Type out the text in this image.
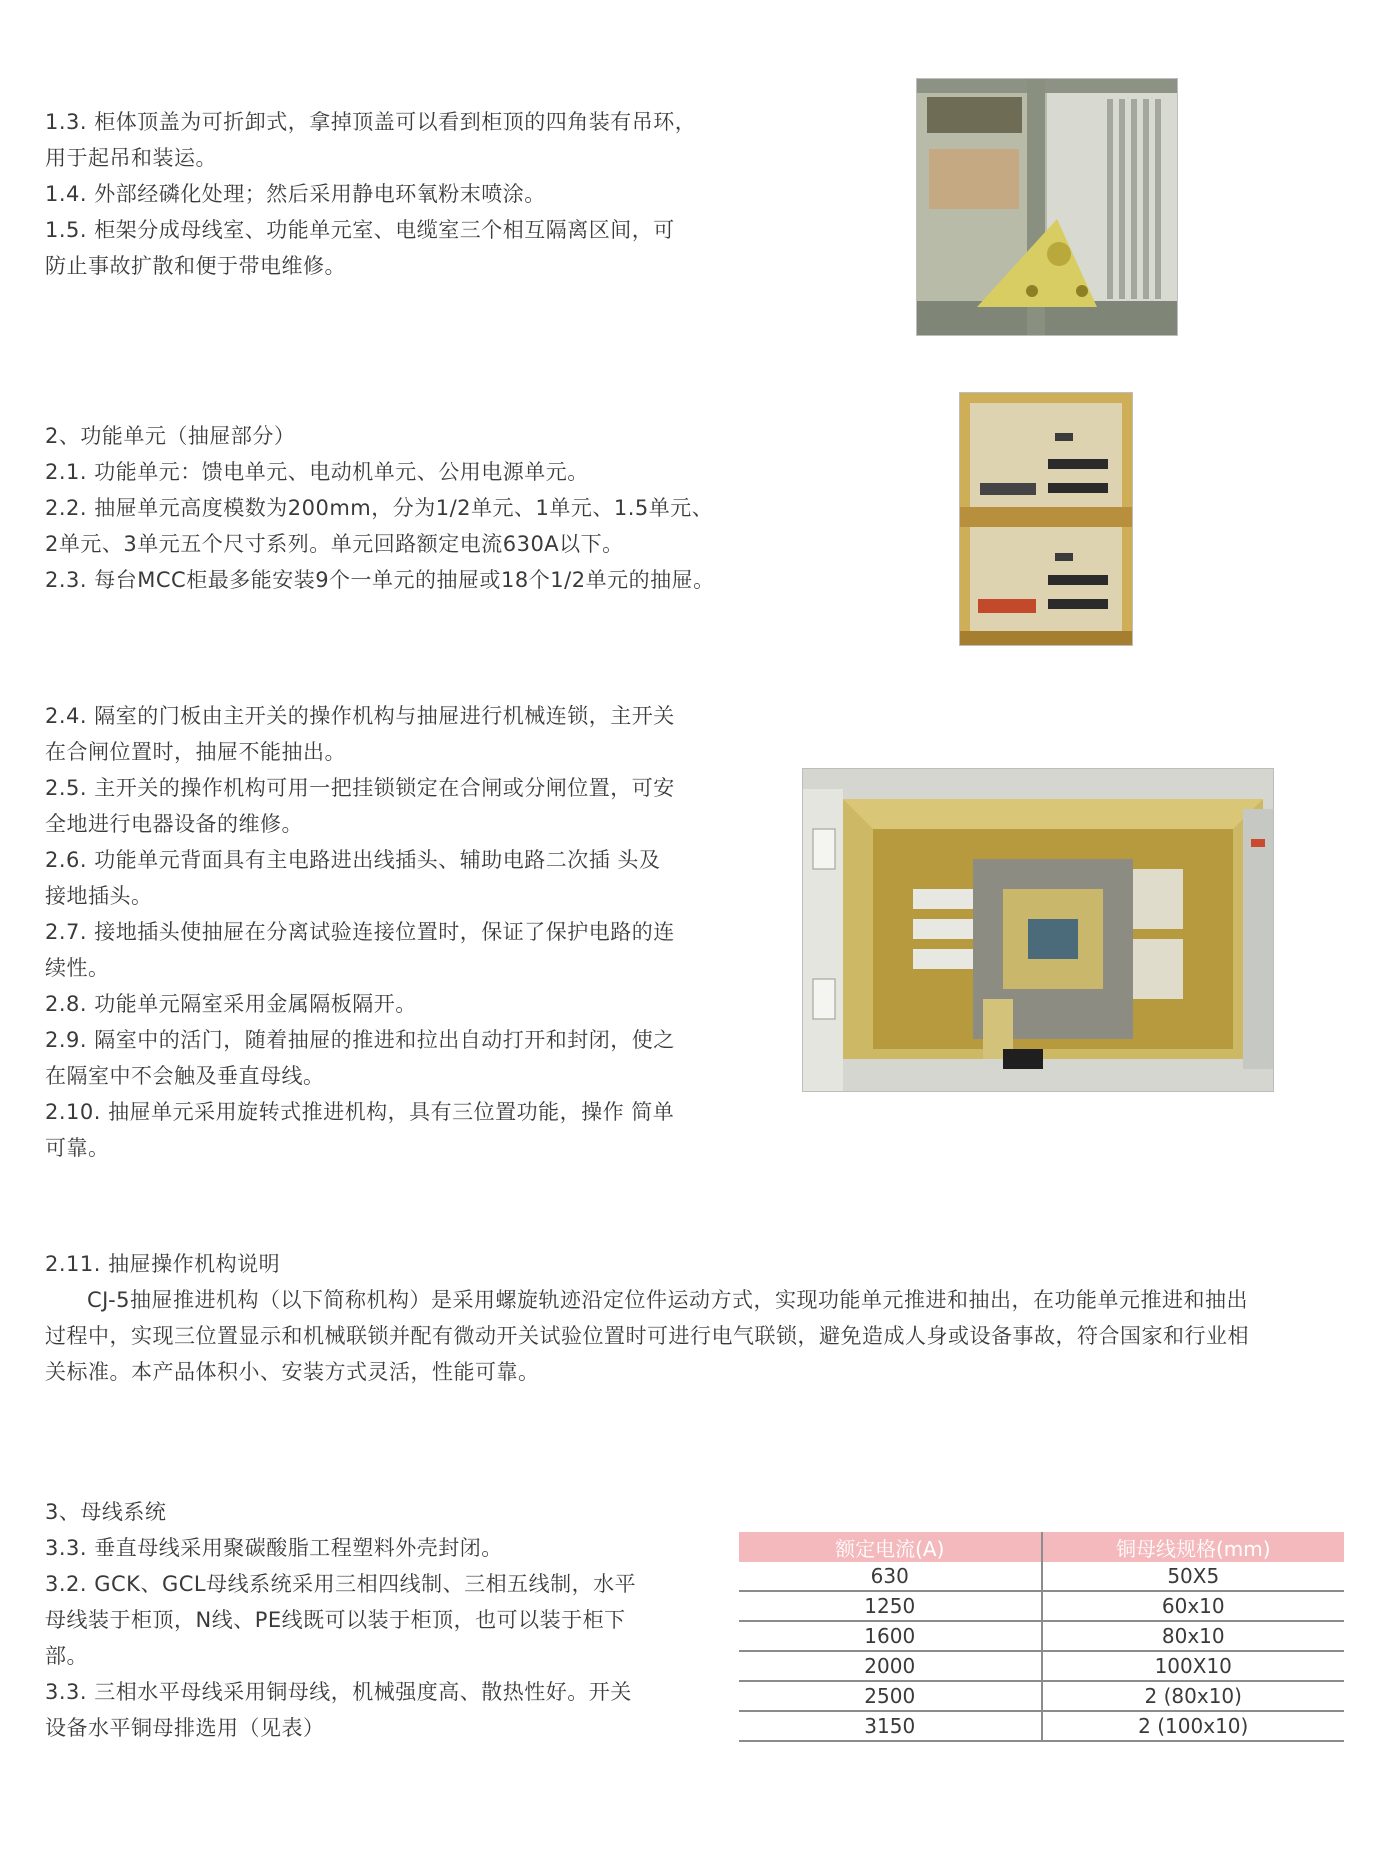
1.3. 柜体顶盖为可折卸式，拿掉顶盖可以看到柜顶的四角装有吊环，

用于起吊和装运。

1.4. 外部经磷化处理；然后采用静电环氧粉末喷涂。

1.5. 柜架分成母线室、功能单元室、电缆室三个相互隔离区间，可

防止事故扩散和便于带电维修。

2、功能单元（抽屉部分）

2.1. 功能单元：馈电单元、电动机单元、公用电源单元。

2.2. 抽屉单元高度模数为200mm，分为1/2单元、1单元、1.5单元、

2单元、3单元五个尺寸系列。单元回路额定电流630A以下。

2.3. 每台MCC柜最多能安装9个一单元的抽屉或18个1/2单元的抽屉。

2.4. 隔室的门板由主开关的操作机构与抽屉进行机械连锁，主开关

在合闸位置时，抽屉不能抽出。

2.5. 主开关的操作机构可用一把挂锁锁定在合闸或分闸位置，可安

全地进行电器设备的维修。

2.6. 功能单元背面具有主电路进出线插头、辅助电路二次插 头及

接地插头。

2.7. 接地插头使抽屉在分离试验连接位置时，保证了保护电路的连

续性。

2.8. 功能单元隔室采用金属隔板隔开。

2.9. 隔室中的活门，随着抽屉的推进和拉出自动打开和封闭，使之

在隔室中不会触及垂直母线。

2.10. 抽屉单元采用旋转式推进机构，具有三位置功能，操作 简单

可靠。

2.11. 抽屉操作机构说明

CJ-5抽屉推进机构（以下简称机构）是采用螺旋轨迹沿定位件运动方式，实现功能单元推进和抽出，在功能单元推进和抽出

过程中，实现三位置显示和机械联锁并配有微动开关试验位置时可进行电气联锁，避免造成人身或设备事故，符合国家和行业相

关标准。本产品体积小、安装方式灵活，性能可靠。

3、母线系统

3.3. 垂直母线采用聚碳酸脂工程塑料外壳封闭。

3.2. GCK、GCL母线系统采用三相四线制、三相五线制，水平

母线装于柜顶，N线、PE线既可以装于柜顶，也可以装于柜下

部。

3.3. 三相水平母线采用铜母线，机械强度高、散热性好。开关

设备水平铜母排选用（见表）

额定电流(A)	铜母线规格(mm)
630	50X5
1250	60x10
1600	80x10
2000	100X10
2500	2 (80x10)
3150	2 (100x10)
